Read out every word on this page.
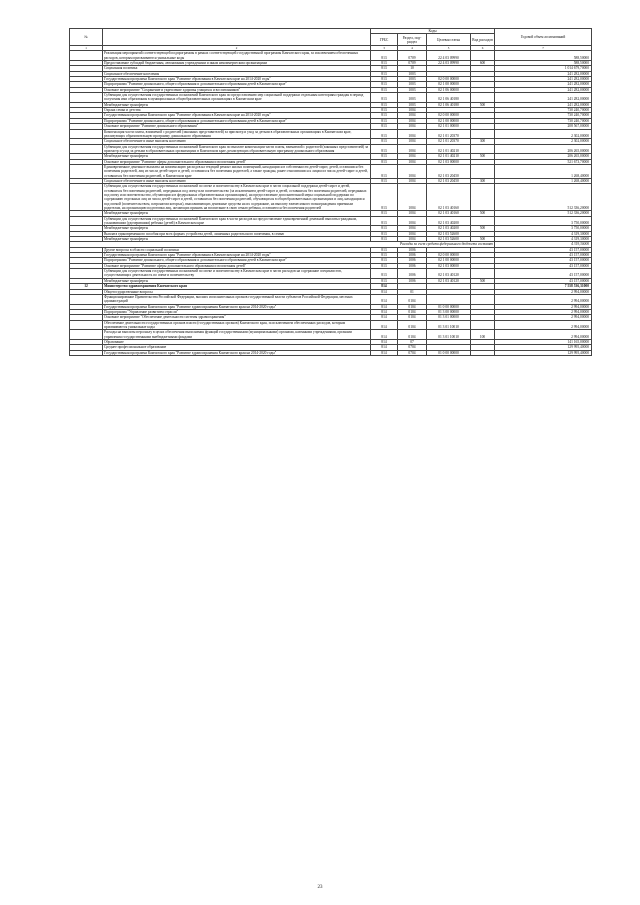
№		Коды				Годовой объем ассигнований
		ГРБС	Раздел, под-раздел	Целевая статья	Вид расходов	
1	2	3	4	5	6	7
	Реализация мероприятий соответствующей подпрограммы в рамках соответствующей государственной программы Камчатского края, за исключением обеспеченных расходов, которым присваиваются уникальные коды	813	0709	22 4 03 09990		588,50000
	Предоставление субсидий бюджетным, автономным учреждениям и иным некоммерческим организациям	813	0709	22 4 03 09990	600	588,50000
	Социальная политика	813	10			1 014 679,70000
	Социальное обеспечение населения	813	1003			241 282,00000
	Государственная программа Камчатского края "Развитие образования в Камчатском крае на 2014-2020 годы"	813	1003	02 0 00 00000		241 282,00000
	Подпрограмма "Развитие дошкольного, общего образования и дополнительного образования детей в Камчатском крае"	813	1003	02 1 00 00000		241 282,00000
	Основное мероприятие "Сохранение и укрепление здоровья учащихся и воспитанников"	813	1003	02 1 06 00000		241 282,00000
	Субвенции для осуществления государственных полномочий Камчатского края по предоставлению мер социальной поддержки отдельным категориям граждан в период получения ими образования в муниципальных общеобразовательных организациях в Камчатском крае	813	1003	02 1 06 40180		241 282,00000
	Межбюджетные трансферты	813	1003	02 1 06 40180	500	241 282,00000
	Охрана семьи и детства	813	1004			730 240,70000
	Государственная программа Камчатского края "Развитие образования в Камчатском крае на 2014-2020 годы"	813	1004	02 0 00 00000		730 240,70000
	Подпрограмма "Развитие дошкольного, общего образования и дополнительного образования детей в Камчатском крае"	813	1004	02 1 00 00000		730 240,70000
	Основное мероприятие "Развитие дошкольного образования"	813	1004	02 1 01 00000		208 567,00000
	Компенсация части платы, взимаемой с родителей (законных представителей) за присмотр и уход за детьми в образовательных организациях в Камчатском крае, реализующих образовательную программу дошкольного образования	813	1004	02 1 01 20370		2 302,00000
	Социальное обеспечение и иные выплаты населению	813	1004	02 1 01 20370	300	2 302,00000
	Субвенции для осуществления государственных полномочий Камчатского края по выплате компенсации части платы, взимаемой с родителей (законных представителей) за присмотр и уход за детьми в образовательных организациях в Камчатском крае, реализующих образовательную программу дошкольного образования	813	1004	02 1 01 40210		206 265,00000
	Межбюджетные трансферты	813	1004	02 1 01 40210	500	206 265,00000
	Основное мероприятие "Развитие сферы дополнительного образования и воспитания детей"	813	1004	02 1 03 00000		521 673,70000
	Единовременное денежное выплаты на компенсацию расходов на текущий ремонт жилых помещений, находящихся в собственности детей-сирот, детей, оставшихся без попечения родителей, лиц из числа детей-сирот и детей, оставшихся без попечения родителей, а также граждан, ранее относившихся к лицам из числа детей-сирот и детей, оставшихся без попечения родителей, в Камчатском крае	813	1004	02 1 03 20450		1 268,40000
	Социальное обеспечение и иные выплаты населению	813	1004	02 1 03 20450	300	1 268,40000
	Субвенции для осуществления государственных полномочий по опеке и попечительству в Камчатском крае в части социальной поддержки детей-сирот и детей, оставшихся без попечения родителей, переданных под опеку или попечительство (за исключением детей-сирот и детей, оставшихся без попечения родителей, переданных под опеку или попечительство, обучающихся в федеральных образовательных организациях), на предоставление дополнительной меры социальной поддержки по содержанию отдельных лиц из числа детей-сирот и детей, оставшихся без попечения родителей, обучающихся в общеобразовательных организациях и лиц, находящихся под опекой (попечительством, патронатом которых), выплачивающих денежные средства на их содержание, на выплату ежемесячного вознаграждения приемным родителям, на организацию подготовки лиц, желающих принять на воспитание в свою семью ребенка, оставшегося без попечения родителей	813	1004	02 1 03 40160		512 336,20000
	Межбюджетные трансферты	813	1004	02 1 03 40160	500	512 336,20000
	Субвенции для осуществления государственных полномочий Камчатского края в части расходов на предоставление единовременной денежной выплаты гражданам, усыновившим (удочерившим) ребенка (детей) в Камчатском крае	813	1004	02 1 03 40200		3 750,00000
	Межбюджетные трансферты	813	1004	02 1 03 40200	500	3 750,00000
	Выплата единовременного пособия при всех формах устройства детей, лишенных родительского попечения, в семью	813	1004	02 1 03 52600		4 319,30000
	Межбюджетные трансферты	813	1004	02 1 03 52600	500	4 319,30000
Расходы за счет средств федерального бюджета составят						4 319,30000
	Другие вопросы в области социальной политики	813	1006			43 157,00000
	Государственная программа Камчатского края "Развитие образования в Камчатском крае на 2014-2020 годы"	813	1006	02 0 00 00000		43 157,00000
	Подпрограмма "Развитие дошкольного, общего образования и дополнительного образования детей в Камчатском крае"	813	1006	02 1 00 00000		43 157,00000
	Основное мероприятие "Развитие сферы дополнительного образования и воспитания детей"	813	1006	02 1 03 00000		43 157,00000
	Субвенции для осуществления государственных полномочий по опеке и попечительству в Камчатском крае в части расходов на содержание специалистов, осуществляющих деятельность по опеке и попечительству	813	1006	02 1 03 40120		43 157,00000
	Межбюджетные трансферты	813	1006	02 1 03 40120	500	43 157,00000
12	Министерство здравоохранения Камчатского края	814				7 558 536,31000
	Общегосударственные вопросы	814	01			2 994,00000
	Функционирование Правительства Российской Федерации, высших исполнительных органов государственной власти субъектов Российской Федерации, местных администраций	814	0104			2 994,00000
	Государственная программа Камчатского края "Развитие здравоохранения Камчатского края на 2014-2020 годы"	814	0104	01 0 00 00000		2 994,00000
	Подпрограмма "Управление развитием отрасли"	814	0104	01 3 00 00000		2 994,00000
	Основное мероприятие "Обеспечение деятельности системы здравоохранения"	814	0104	01 3 01 00000		2 994,00000
	Обеспечение деятельности государственных органов власти (государственных органов) Камчатского края, за исключением обеспеченных расходов, которым присваиваются уникальные коды	814	0104	01 3 01 10010		2 994,00000
	Расходы на выплаты персоналу в целях обеспечения выполнения функций государственными (муниципальными) органами, казенными учреждениями, органами управления государственными внебюджетными фондами	814	0104	01 3 01 10010	100	2 994,00000
	Образование	814	07			141 165,00000
	Среднее профессиональное образование	814	0704			129 995,40000
	Государственная программа Камчатского края "Развитие здравоохранения Камчатского края на 2014-2020 годы"	814	0704	01 0 00 00000		129 995,40000
23
